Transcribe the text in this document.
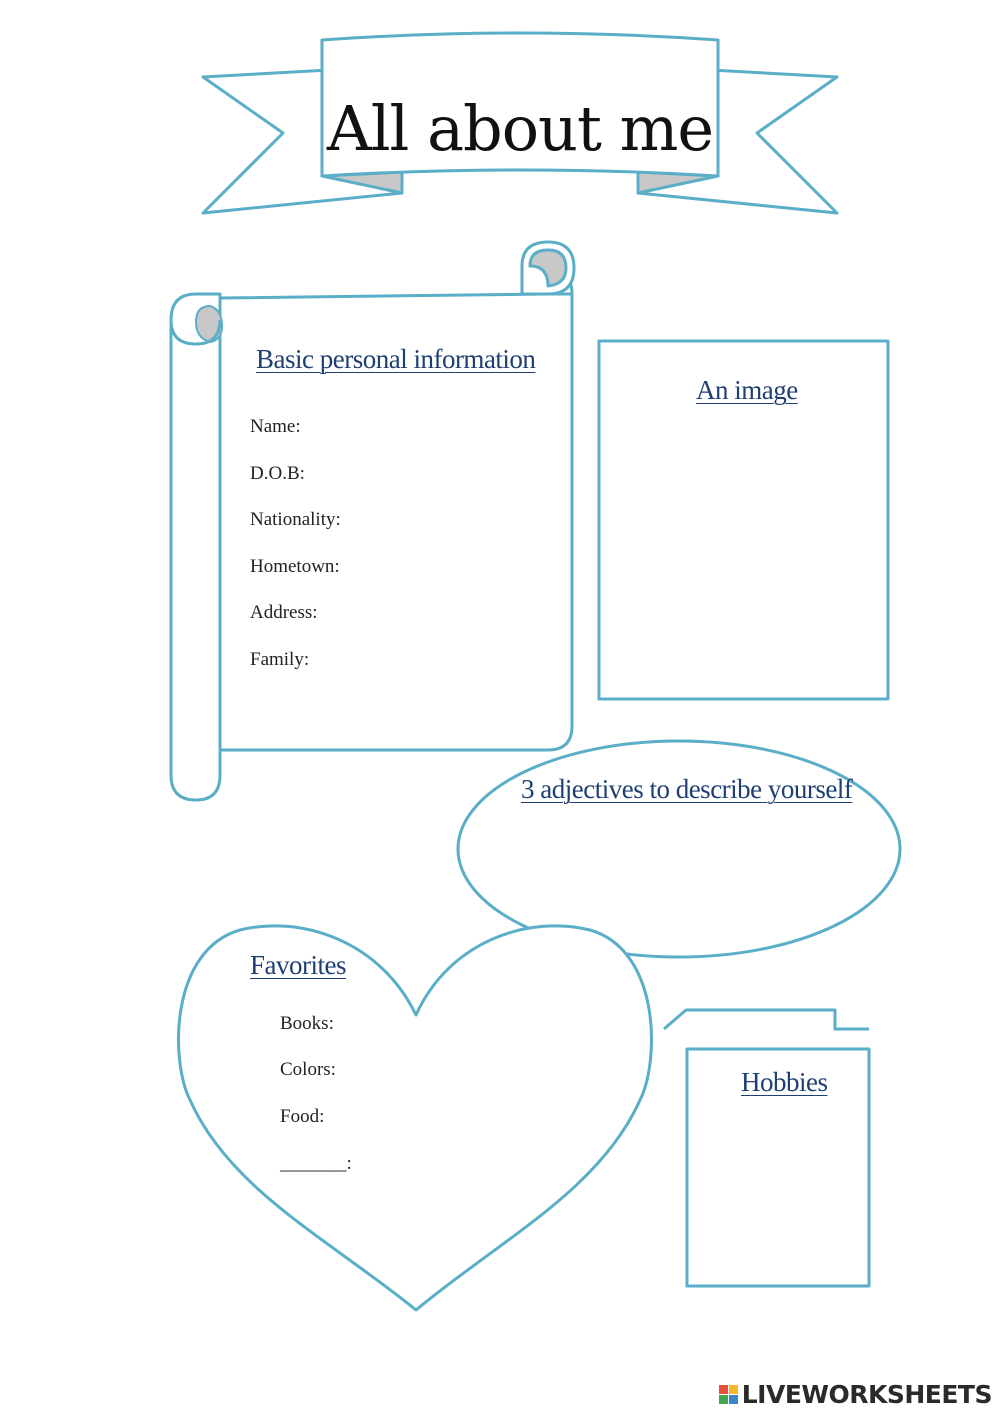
All about me
Basic personal information
Name:
D.O.B:
Nationality:
Hometown:
Address:
Family:
An image
3 adjectives to describe yourself
Favorites
Books:
Colors:
Food:
_______:
Hobbies
LIVEWORKSHEETS
